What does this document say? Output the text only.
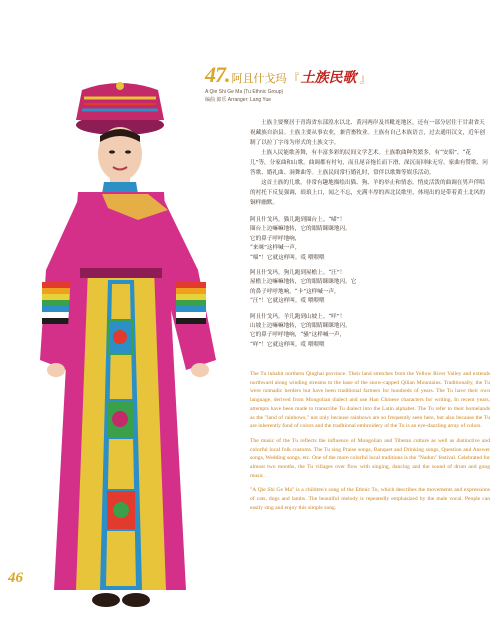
46
47. 阿且什戈玛 『 土族民歌 』
A Qie Shi Ge Ma (Tu Ethnic Group)
编曲 郎乐 Arranger: Lang Yue

土族主要聚居于青海省东部湟水以北、黄河两岸及其毗连地区，还有一部分居住于甘肃省天祝藏族自治县。土族主要从事农业，兼营畜牧业。土族有自己本族语言，过去通用汉文，近年创制了以拉丁字母为形式的土族文字。

土族人民能歌善舞，有丰富多彩的民间文学艺术。土族歌曲种类繁多，有“安昭”、“花儿”等，分家曲和山歌。曲调都有衬句，而且尾音拖长而下滑，深沉而回味无穷。家曲有赞歌、问答歌、婚礼曲、洞舞曲等。土族民间常行婚礼时，常伴以歌舞等娱乐活动。

这首土族的儿歌，非常有趣地描绘出猫、狗、羊的举止和情态。悄皮活泼的曲调在男声伴唱的衬托下反复强调，琅琅上口，闻之不忘，充满丰厚的西北民歌里，体现出的是带着黄土北风的铜样幽默。

阿且什戈玛，猫儿跑到圈台上。“喵”！
圈台上边嘛嘛地转，它的眼睛眯眯地闪。
它的鼻子呼呼地响，
“来咪”这样喊一声，
“喵”！它就这样叫。哎 喂喂喂
阿且什戈玛，狗儿跑到屋檐上。“汪”！
屋檐上边嘛嘛地转，它的眼睛眯眯地闪。它
的鼻子呼呼地响，“卡”这样喊一声，
“汪”！它就这样叫。哎 喂喂喂
阿且什戈玛，羊儿跑到山坡上。“咩”！
山坡上边嘛嘛地转，它的眼睛眯眯地闪，
它的鼻子呼呼地响，“骚”这样喊一声，
“咩”！它就这样叫。哎 喂喂喂

The Tu inhabit northern Qinghai province. Their land stretches from the Yellow River Valley and extends northward along winding streams to the base of the snow-capped Qilian Mountains. Traditionally, the Tu were nomadic herders but have been traditional farmers for hundreds of years. The Tu have their own language, derived from Mongolian dialect and use Han Chinese characters for writing. In recent years, attempts have been made to transcribe Tu dialect into the Latin alphabet. The Tu refer to their homelands as the "land of rainbows," not only because rainbows are so frequently seen here, but also because the Tu are inherently fond of colors and the traditional embroidery of the Tu is an eye-dazzling array of colors.

The music of the Tu reflects the influence of Mongolian and Tibetan culture as well as distinctive and colorful local folk customs. The Tu sing Praise songs, Banquet and Drinking songs, Question and Answer songs, Wedding songs, etc. One of the more colorful local traditions is the "Nadun" festival. Celebrated for almost two months, the Tu villages over flow with singing, dancing and the sound of drum and gong music.

"A Qie Shi Ge Ma" is a children's song of the Ethnic Tu, which describes the movements and expressions of cats, dogs and lambs. The beautiful melody is repeatedly emphasized by the male vocal. People can easily sing and enjoy this simple song.
